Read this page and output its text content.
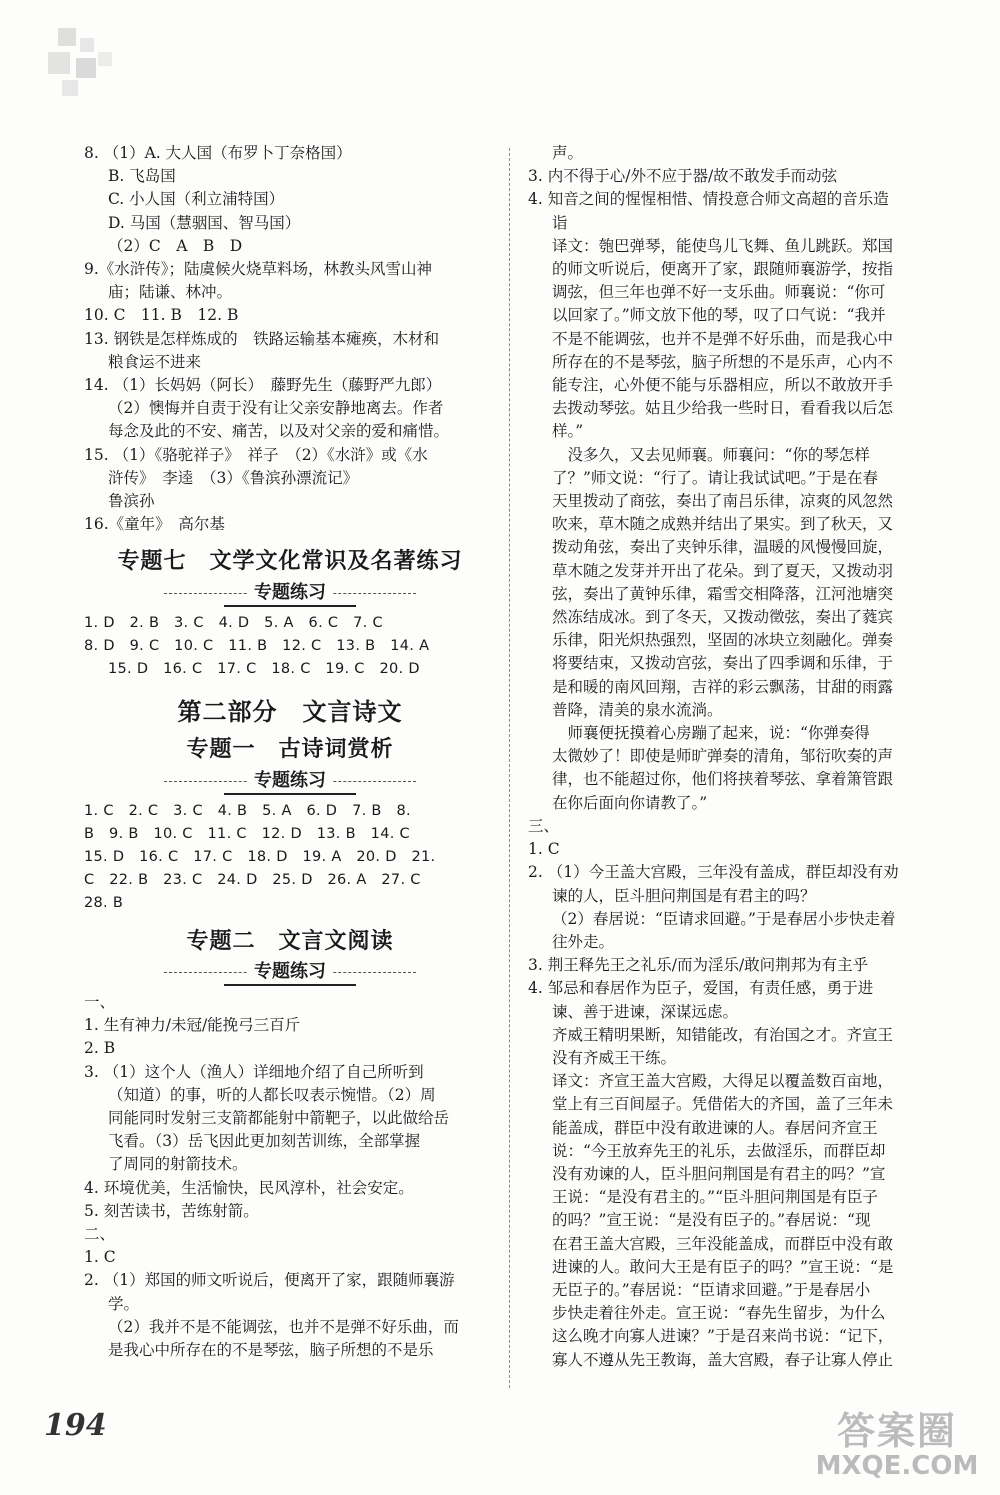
8. （1）A. 大人国（布罗卜丁奈格国）
B. 飞岛国
C. 小人国（利立浦特国）
D. 马国（慧骃国、智马国）
（2）C　A　B　D
9.《水浒传》；陆虞候火烧草料场，林教头风雪山神
庙；陆谦、林冲。
10. C　11. B　12. B
13. 钢铁是怎样炼成的　铁路运输基本瘫痪，木材和
粮食运不进来
14. （1）长妈妈（阿长）　藤野先生（藤野严九郎）
（2）懊悔并自责于没有让父亲安静地离去。作者
每念及此的不安、痛苦，以及对父亲的爱和痛惜。
15. （1）《骆驼祥子》　祥子　（2）《水浒》或《水
浒传》　李逵　（3）《鲁滨孙漂流记》
鲁滨孙
16.《童年》　高尔基
专题七　文学文化常识及名著练习
专题练习
1. D　2. B　3. C　4. D　5. A　6. C　7. C
8. D　9. C　10. C　11. B　12. C　13. B　14. A
15. D　16. C　17. C　18. C　19. C　20. D
第二部分　文言诗文
专题一　古诗词赏析
专题练习
1. C　2. C　3. C　4. B　5. A　6. D　7. B　8.
B　9. B　10. C　11. C　12. D　13. B　14. C
15. D　16. C　17. C　18. D　19. A　20. D　21.
C　22. B　23. C　24. D　25. D　26. A　27. C
28. B
专题二　文言文阅读
专题练习
一、
1. 生有神力/未冠/能挽弓三百斤
2. B
3. （1）这个人（渔人）详细地介绍了自己所听到
（知道）的事，听的人都长叹表示惋惜。（2）周
同能同时发射三支箭都能射中箭靶子，以此做给岳
飞看。（3）岳飞因此更加刻苦训练，全部掌握
了周同的射箭技术。
4. 环境优美，生活愉快，民风淳朴，社会安定。
5. 刻苦读书，苦练射箭。
二、
1. C
2. （1）郑国的师文听说后，便离开了家，跟随师襄游
学。
（2）我并不是不能调弦，也并不是弹不好乐曲，而
是我心中所存在的不是琴弦，脑子所想的不是乐
声。
3. 内不得于心/外不应于器/故不敢发手而动弦
4. 知音之间的惺惺相惜、情投意合师文高超的音乐造
诣
译文：匏巴弹琴，能使鸟儿飞舞、鱼儿跳跃。郑国
的师文听说后，便离开了家，跟随师襄游学，按指
调弦，但三年也弹不好一支乐曲。师襄说：“你可
以回家了。”师文放下他的琴，叹了口气说：“我并
不是不能调弦，也并不是弹不好乐曲，而是我心中
所存在的不是琴弦，脑子所想的不是乐声，心内不
能专注，心外便不能与乐器相应，所以不敢放开手
去拨动琴弦。姑且少给我一些时日，看看我以后怎
样。”
　没多久，又去见师襄。师襄问：“你的琴怎样
了？”师文说：“行了。请让我试试吧。”于是在春
天里拨动了商弦，奏出了南吕乐律，凉爽的风忽然
吹来，草木随之成熟并结出了果实。到了秋天，又
拨动角弦，奏出了夹钟乐律，温暖的风慢慢回旋，
草木随之发芽并开出了花朵。到了夏天，又拨动羽
弦，奏出了黄钟乐律，霜雪交相降落，江河池塘突
然冻结成冰。到了冬天，又拨动徵弦，奏出了蕤宾
乐律，阳光炽热强烈，坚固的冰块立刻融化。弹奏
将要结束，又拨动宫弦，奏出了四季调和乐律，于
是和暖的南风回翔，吉祥的彩云飘荡，甘甜的雨露
普降，清美的泉水流淌。
　师襄便抚摸着心房蹦了起来，说：“你弹奏得
太微妙了！即使是师旷弹奏的清角，邹衍吹奏的声
律，也不能超过你，他们将挟着琴弦、拿着箫管跟
在你后面向你请教了。”
三、
1. C
2. （1）今王盖大宫殿，三年没有盖成，群臣却没有劝
谏的人，臣斗胆问荆国是有君主的吗？
（2）春居说：“臣请求回避。”于是春居小步快走着
往外走。
3. 荆王释先王之礼乐/而为淫乐/敢问荆邦为有主乎
4. 邹忌和春居作为臣子，爱国，有责任感，勇于进
谏、善于进谏，深谋远虑。
齐威王精明果断，知错能改，有治国之才。齐宣王
没有齐威王干练。
译文：齐宣王盖大宫殿，大得足以覆盖数百亩地，
堂上有三百间屋子。凭借偌大的齐国，盖了三年未
能盖成，群臣中没有敢进谏的人。春居问齐宣王
说：“今王放弃先王的礼乐，去做淫乐，而群臣却
没有劝谏的人，臣斗胆问荆国是有君主的吗？”宣
王说：“是没有君主的。”“臣斗胆问荆国是有臣子
的吗？”宣王说：“是没有臣子的。”春居说：“现
在君王盖大宫殿，三年没能盖成，而群臣中没有敢
进谏的人。敢问大王是有臣子的吗？”宣王说：“是
无臣子的。”春居说：“臣请求回避。”于是春居小
步快走着往外走。宣王说：“春先生留步，为什么
这么晚才向寡人进谏？”于是召来尚书说：“记下，
寡人不遵从先王教诲，盖大宫殿，春子让寡人停止
194	答案圈
MXQE.COM
